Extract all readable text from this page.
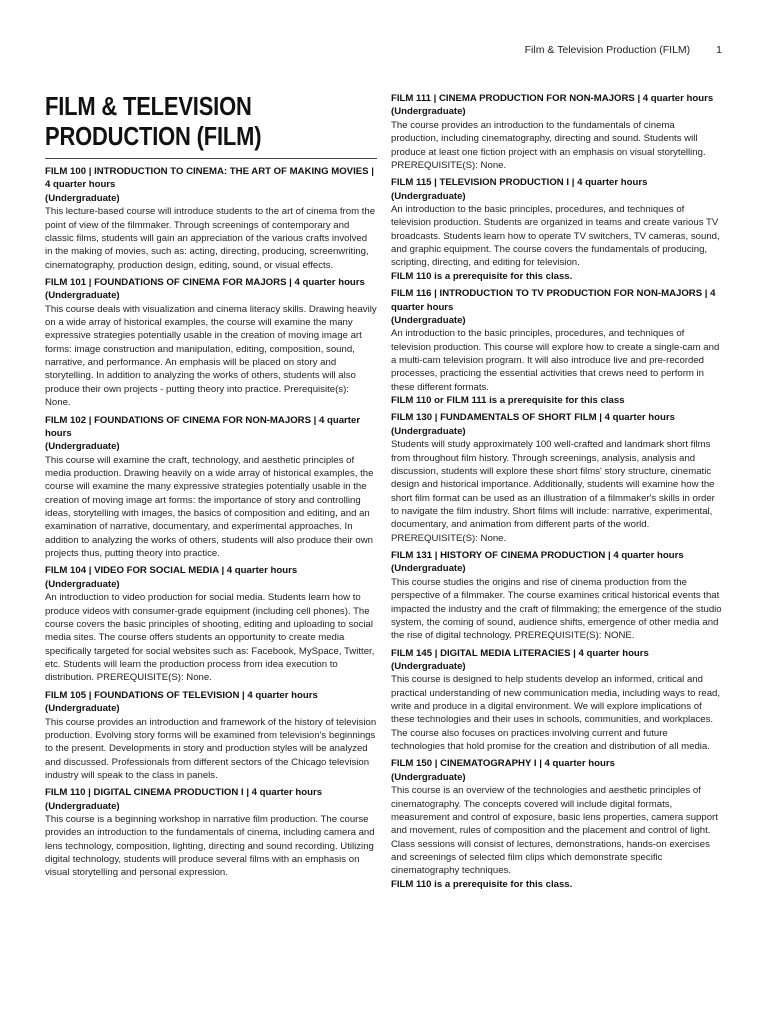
Film & Television Production (FILM) 1
FILM & TELEVISION PRODUCTION (FILM)
FILM 100 | INTRODUCTION TO CINEMA: THE ART OF MAKING MOVIES | 4 quarter hours
(Undergraduate)
This lecture-based course will introduce students to the art of cinema from the point of view of the filmmaker. Through screenings of contemporary and classic films, students will gain an appreciation of the various crafts involved in the making of movies, such as: acting, directing, producing, screenwriting, cinematography, production design, editing, sound, or visual effects.
FILM 101 | FOUNDATIONS OF CINEMA FOR MAJORS | 4 quarter hours
(Undergraduate)
This course deals with visualization and cinema literacy skills. Drawing heavily on a wide array of historical examples, the course will examine the many expressive strategies potentially usable in the creation of moving image art forms: image construction and manipulation, editing, composition, sound, narrative, and performance. An emphasis will be placed on story and storytelling. In addition to analyzing the works of others, students will also produce their own projects - putting theory into practice. Prerequisite(s): None.
FILM 102 | FOUNDATIONS OF CINEMA FOR NON-MAJORS | 4 quarter hours
(Undergraduate)
This course will examine the craft, technology, and aesthetic principles of media production. Drawing heavily on a wide array of historical examples, the course will examine the many expressive strategies potentially usable in the creation of moving image art forms: the importance of story and controlling ideas, storytelling with images, the basics of composition and editing, and an examination of narrative, documentary, and experimental approaches. In addition to analyzing the works of others, students will also produce their own projects thus, putting theory into practice.
FILM 104 | VIDEO FOR SOCIAL MEDIA | 4 quarter hours
(Undergraduate)
An introduction to video production for social media. Students learn how to produce videos with consumer-grade equipment (including cell phones). The course covers the basic principles of shooting, editing and uploading to social media sites. The course offers students an opportunity to create media specifically targeted for social websites such as: Facebook, MySpace, Twitter, etc. Students will learn the production process from idea execution to distribution. PREREQUISITE(S): None.
FILM 105 | FOUNDATIONS OF TELEVISION | 4 quarter hours
(Undergraduate)
This course provides an introduction and framework of the history of television production. Evolving story forms will be examined from television's beginnings to the present. Developments in story and production styles will be analyzed and discussed. Professionals from different sectors of the Chicago television industry will speak to the class in panels.
FILM 110 | DIGITAL CINEMA PRODUCTION I | 4 quarter hours
(Undergraduate)
This course is a beginning workshop in narrative film production. The course provides an introduction to the fundamentals of cinema, including camera and lens technology, composition, lighting, directing and sound recording. Utilizing digital technology, students will produce several films with an emphasis on visual storytelling and personal expression.
FILM 111 | CINEMA PRODUCTION FOR NON-MAJORS | 4 quarter hours
(Undergraduate)
The course provides an introduction to the fundamentals of cinema production, including cinematography, directing and sound. Students will produce at least one fiction project with an emphasis on visual storytelling. PREREQUISITE(S): None.
FILM 115 | TELEVISION PRODUCTION I | 4 quarter hours
(Undergraduate)
An introduction to the basic principles, procedures, and techniques of television production. Students are organized in teams and create various TV broadcasts. Students learn how to operate TV switchers, TV cameras, sound, and graphic equipment. The course covers the fundamentals of producing, scripting, directing, and editing for television.
FILM 110 is a prerequisite for this class.
FILM 116 | INTRODUCTION TO TV PRODUCTION FOR NON-MAJORS | 4 quarter hours
(Undergraduate)
An introduction to the basic principles, procedures, and techniques of television production. This course will explore how to create a single-cam and a multi-cam television program. It will also introduce live and pre-recorded processes, practicing the essential activities that crews need to perform in these different formats.
FILM 110 or FILM 111 is a prerequisite for this class
FILM 130 | FUNDAMENTALS OF SHORT FILM | 4 quarter hours
(Undergraduate)
Students will study approximately 100 well-crafted and landmark short films from throughout film history. Through screenings, analysis, analysis and discussion, students will explore these short films' story structure, cinematic design and historical importance. Additionally, students will examine how the short film format can be used as an illustration of a filmmaker's skills in order to navigate the film industry. Short films will include: narrative, experimental, documentary, and animation from different parts of the world. PREREQUISITE(S): None.
FILM 131 | HISTORY OF CINEMA PRODUCTION | 4 quarter hours
(Undergraduate)
This course studies the origins and rise of cinema production from the perspective of a filmmaker. The course examines critical historical events that impacted the industry and the craft of filmmaking; the emergence of the studio system, the coming of sound, audience shifts, emergence of other media and the rise of digital technology. PREREQUISITE(S): NONE.
FILM 145 | DIGITAL MEDIA LITERACIES | 4 quarter hours
(Undergraduate)
This course is designed to help students develop an informed, critical and practical understanding of new communication media, including ways to read, write and produce in a digital environment. We will explore implications of these technologies and their uses in schools, communities, and workplaces. The course also focuses on practices involving current and future technologies that hold promise for the creation and distribution of all media.
FILM 150 | CINEMATOGRAPHY I | 4 quarter hours
(Undergraduate)
This course is an overview of the technologies and aesthetic principles of cinematography. The concepts covered will include digital formats, measurement and control of exposure, basic lens properties, camera support and movement, rules of composition and the placement and control of light. Class sessions will consist of lectures, demonstrations, hands-on exercises and screenings of selected film clips which demonstrate specific cinematography techniques.
FILM 110 is a prerequisite for this class.
